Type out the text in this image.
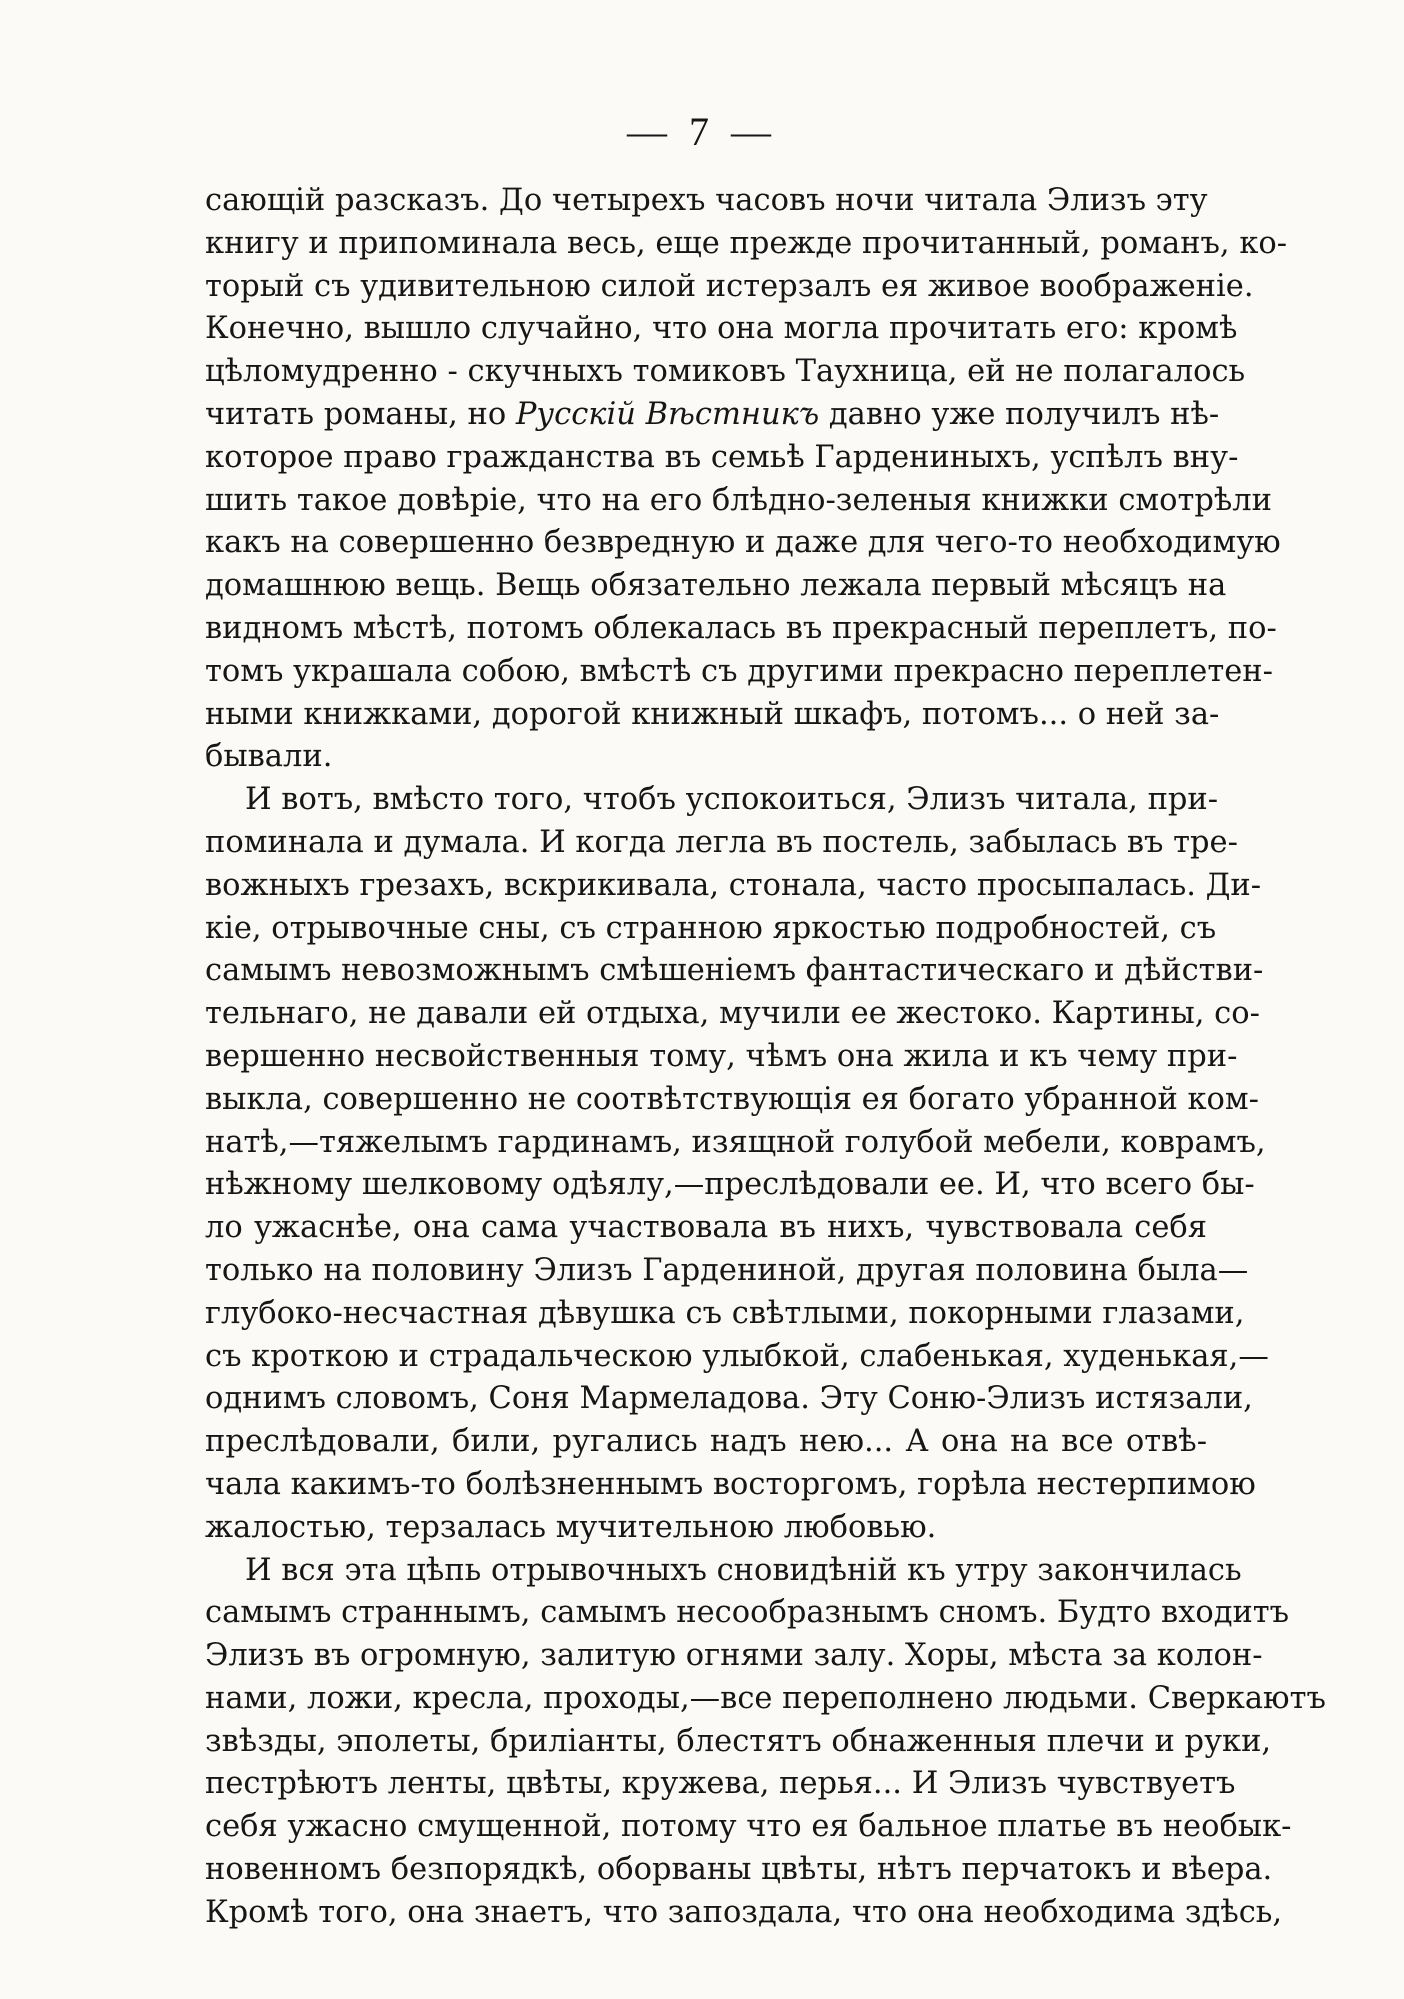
— 7 —
сающій разсказъ. До четырехъ часовъ ночи читала Элизъ эту
книгу и припоминала весь, еще прежде прочитанный, романъ, ко-
торый съ удивительною силой истерзалъ ея живое воображеніе.
Конечно, вышло случайно, что она могла прочитать его: кромѣ
цѣломудренно - скучныхъ томиковъ Таухница, ей не полагалось
читать романы, но Русскій Вѣстникъ давно уже получилъ нѣ-
которое право гражданства въ семьѣ Гардениныхъ, успѣлъ вну-
шить такое довѣріе, что на его блѣдно-зеленыя книжки смотрѣли
какъ на совершенно безвредную и даже для чего-то необходимую
домашнюю вещь. Вещь обязательно лежала первый мѣсяцъ на
видномъ мѣстѣ, потомъ облекалась въ прекрасный переплетъ, по-
томъ украшала собою, вмѣстѣ съ другими прекрасно переплетен-
ными книжками, дорогой книжный шкафъ, потомъ... о ней за-
бывали.
И вотъ, вмѣсто того, чтобъ успокоиться, Элизъ читала, при-
поминала и думала. И когда легла въ постель, забылась въ тре-
вожныхъ грезахъ, вскрикивала, стонала, часто просыпалась. Ди-
кіе, отрывочные сны, съ странною яркостью подробностей, съ
самымъ невозможнымъ смѣшеніемъ фантастическаго и дѣйстви-
тельнаго, не давали ей отдыха, мучили ее жестоко. Картины, со-
вершенно несвойственныя тому, чѣмъ она жила и къ чему при-
выкла, совершенно не соотвѣтствующія ея богато убранной ком-
натѣ,—тяжелымъ гардинамъ, изящной голубой мебели, коврамъ,
нѣжному шелковому одѣялу,—преслѣдовали ее. И, что всего бы-
ло ужаснѣе, она сама участвовала въ нихъ, чувствовала себя
только на половину Элизъ Гардениной, другая половина была—
глубоко-несчастная дѣвушка съ свѣтлыми, покорными глазами,
съ кроткою и страдальческою улыбкой, слабенькая, худенькая,—
однимъ словомъ, Соня Мармеладова. Эту Соню-Элизъ истязали,
преслѣдовали, били, ругались надъ нею... А она на все отвѣ-
чала какимъ-то болѣзненнымъ восторгомъ, горѣла нестерпимою
жалостью, терзалась мучительною любовью.
И вся эта цѣпь отрывочныхъ сновидѣній къ утру закончилась
самымъ страннымъ, самымъ несообразнымъ сномъ. Будто входитъ
Элизъ въ огромную, залитую огнями залу. Хоры, мѣста за колон-
нами, ложи, кресла, проходы,—все переполнено людьми. Сверкаютъ
звѣзды, эполеты, бриліанты, блестятъ обнаженныя плечи и руки,
пестрѣютъ ленты, цвѣты, кружева, перья... И Элизъ чувствуетъ
себя ужасно смущенной, потому что ея бальное платье въ необык-
новенномъ безпорядкѣ, оборваны цвѣты, нѣтъ перчатокъ и вѣера.
Кромѣ того, она знаетъ, что запоздала, что она необходима здѣсь,
